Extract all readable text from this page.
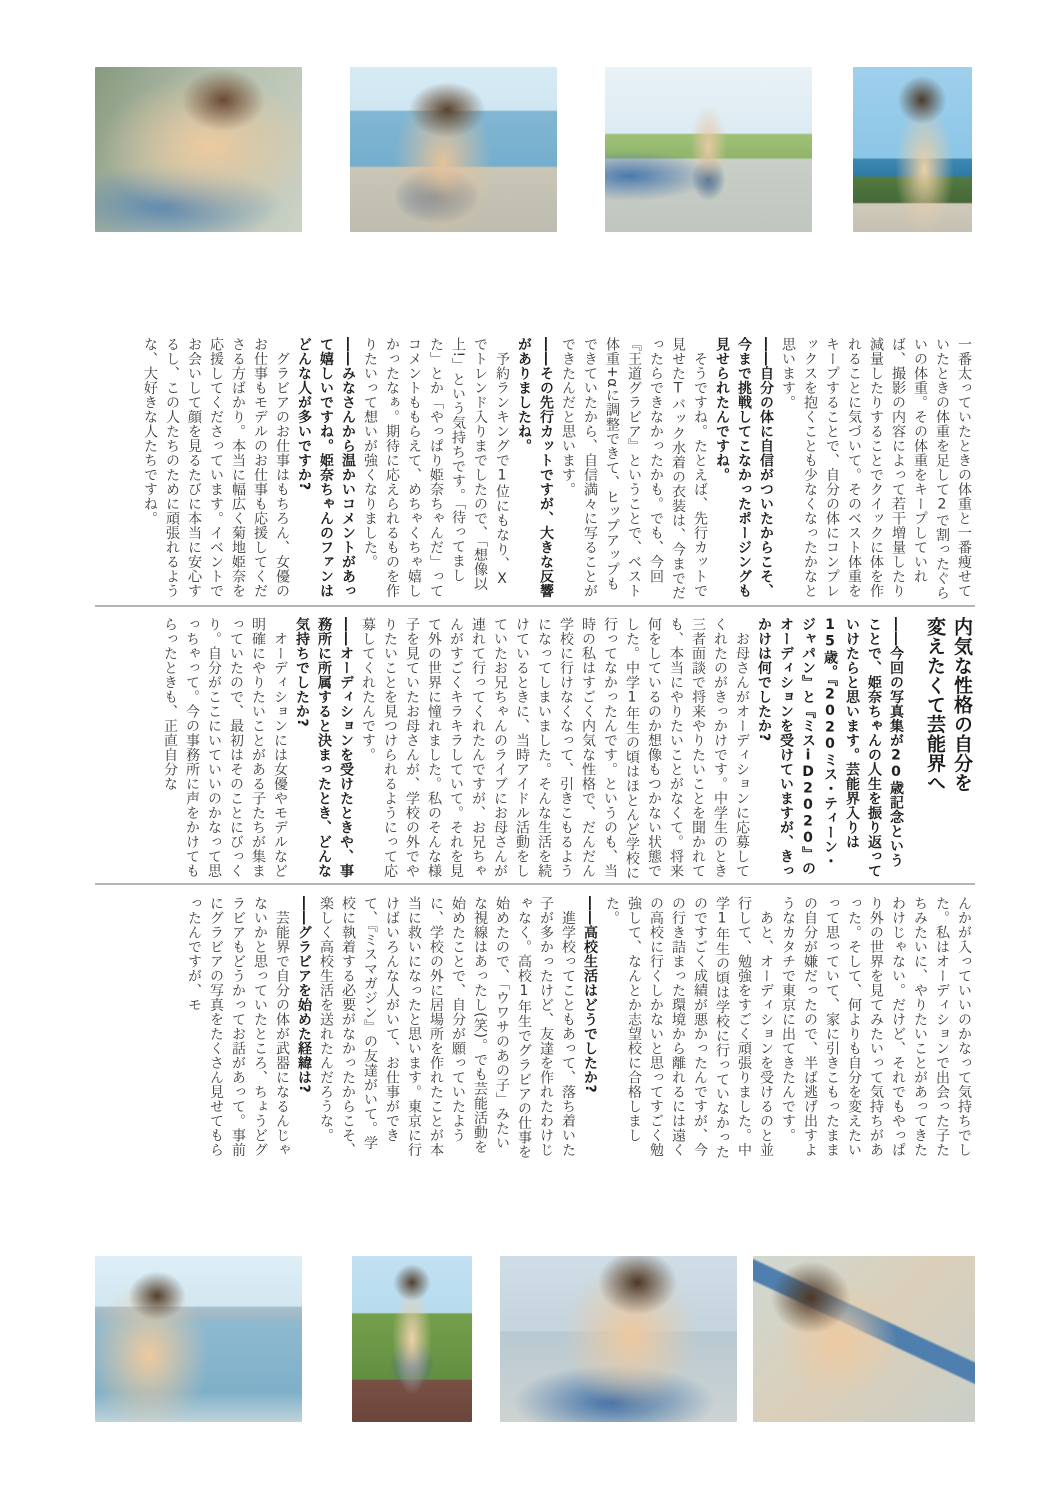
一番太っていたときの体重と一番痩せていたときの体重を足して2で割ったぐらいの体重。その体重をキープしていれば、撮影の内容によって若干増量したり減量したりすることでクイックに体を作れることに気づいて。そのベスト体重をキープすることで、自分の体にコンプレックスを抱くことも少なくなったかなと思います。

――自分の体に自信がついたからこそ、今まで挑戦してこなかったポージングも見せられたんですね。

　そうですね。たとえば、先行カットで見せたTバック水着の衣装は、今までだったらできなかったかも。でも、今回『王道グラビア』ということで、ベスト体重+αに調整できて、ヒップアップもできていたから、自信満々に写ることができたんだと思います。

――その先行カットですが、大きな反響がありましたね。

　予約ランキングで1位にもなり、Xでトレンド入りまでしたので、「想像以上!」という気持ちです。「待ってました」とか「やっぱり姫奈ちゃんだ」ってコメントももらえて、めちゃくちゃ嬉しかったなぁ。期待に応えられるものを作りたいって想いが強くなりました。

――みなさんから温かいコメントがあって嬉しいですね。姫奈ちゃんのファンはどんな人が多いですか?

　グラビアのお仕事はもちろん、女優のお仕事もモデルのお仕事も応援してくださる方ばかり。本当に幅広く菊地姫奈を応援してくださっています。イベントでお会いして顔を見るたびに本当に安心するし、この人たちのために頑張れるような、大好きな人たちですね。

内気な性格の自分を
変えたくて芸能界へ

――今回の写真集が20歳記念ということで、姫奈ちゃんの人生を振り返っていけたらと思います。芸能界入りは15歳。『2020ミス・ティーン・ジャパン』と『ミスiD2020』のオーディションを受けていますが、きっかけは何でしたか?

　お母さんがオーディションに応募してくれたのがきっかけです。中学生のとき三者面談で将来やりたいことを聞かれても、本当にやりたいことがなくて。将来何をしているのか想像もつかない状態でした。中学1年生の頃はほとんど学校に行ってなかったんです。というのも、当時の私はすごく内気な性格で、だんだん学校に行けなくなって、引きこもるようになってしまいました。そんな生活を続けているときに、当時アイドル活動をしていたお兄ちゃんのライブにお母さんが連れて行ってくれたんですが、お兄ちゃんがすごくキラキラしていて。それを見て外の世界に憧れました。私のそんな様子を見ていたお母さんが、学校の外でやりたいことを見つけられるようにって応募してくれたんです。

――オーディションを受けたときや、事務所に所属すると決まったとき、どんな気持ちでしたか?

　オーディションには女優やモデルなど明確にやりたいことがある子たちが集まっていたので、最初はそのことにびっくり。自分がここにいていいのかなって思っちゃって。今の事務所に声をかけてもらったときも、正直自分な

んかが入っていいのかなって気持ちでした。私はオーディションで出会った子たちみたいに、やりたいことがあってきたわけじゃない。だけど、それでもやっぱり外の世界を見てみたいって気持ちがあった。そして、何よりも自分を変えたいって思っていて、家に引きこもったままの自分が嫌だったので、半ば逃げ出すようなカタチで東京に出てきたんです。

　あと、オーディションを受けるのと並行して、勉強をすごく頑張りました。中学1年生の頃は学校に行っていなかったのですごく成績が悪かったんですが、今の行き詰まった環境から離れるには遠くの高校に行くしかないと思ってすごく勉強して、なんとか志望校に合格しました。

――高校生活はどうでしたか?

　進学校ってこともあって、落ち着いた子が多かったけど、友達を作れたわけじゃなく。高校1年生でグラビアの仕事を始めたので、「ウワサのあの子」みたいな視線はあったし(笑)。でも芸能活動を始めたことで、自分が願っていたように、学校の外に居場所を作れたことが本当に救いになったと思います。東京に行けばいろんな人がいて、お仕事ができて、『ミスマガジン』の友達がいて。学校に執着する必要がなかったからこそ、楽しく高校生活を送れたんだろうな。

――グラビアを始めた経緯は?

　芸能界で自分の体が武器になるんじゃないかと思っていたところ、ちょうどグラビアもどうかってお話があって。事前にグラビアの写真をたくさん見せてもらったんですが、モ
